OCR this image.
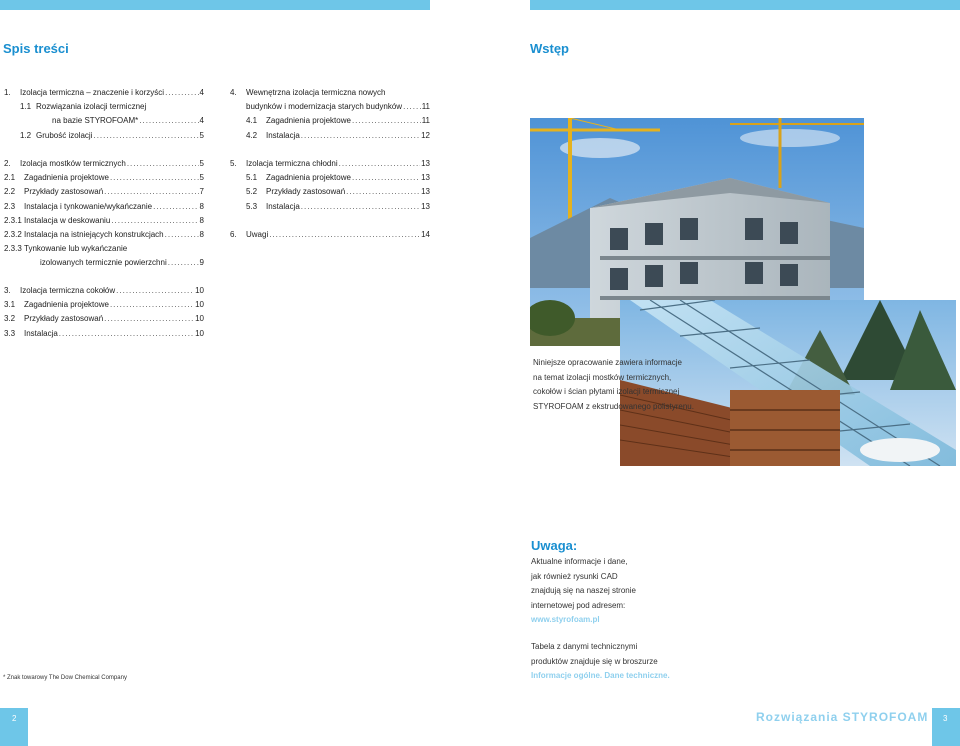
Spis treści	Wstęp
1.	Izolacja termiczna – znaczenie i korzyści .....	4
1.1 Rozwiązania izolacji termicznej
na bazie STYROFOAM* .....	4
1.2 Grubość izolacji .....	5
2.	Izolacja mostków termicznych .....	5
2.1	Zagadnienia projektowe .....	5
2.2	Przykłady zastosowań .....	7
2.3	Instalacja i tynkowanie/wykańczanie .....	8
2.3.1 Instalacja w deskowaniu .....	8
2.3.2 Instalacja na istniejących konstrukcjach .....	8
2.3.3 Tynkowanie lub wykańczanie
izolowanych termicznie powierzchni .....	9
3.	Izolacja termiczna cokołów .....	10
3.1	Zagadnienia projektowe .....	10
3.2	Przykłady zastosowań .....	10
3.3	Instalacja .....	10
4.	Wewnętrzna izolacja termiczna nowych
budynków i modernizacja starych budynków ..... 11
4.1	Zagadnienia projektowe .....	11
4.2	Instalacja .....	12
5.	Izolacja termiczna chłodni .....	13
5.1	Zagadnienia projektowe .....	13
5.2	Przykłady zastosowań .....	13
5.3	Instalacja .....	13
6.	Uwagi .....	14
Niniejsze opracowanie zawiera informacje
na temat izolacji mostków termicznych,
cokołów i ścian płytami izolacji termicznej
STYROFOAM z ekstrudowanego polistyrenu.
Uwaga:
Aktualne informacje i dane,
jak również rysunki CAD
znajdują się na naszej stronie
internetowej pod adresem:
www.styrofoam.pl
Tabela z danymi technicznymi
produktów znajduje się w broszurze
Informacje ogólne. Dane techniczne.
* Znak towarowy The Dow Chemical Company
2	3
Rozwiązania STYROFOAM
